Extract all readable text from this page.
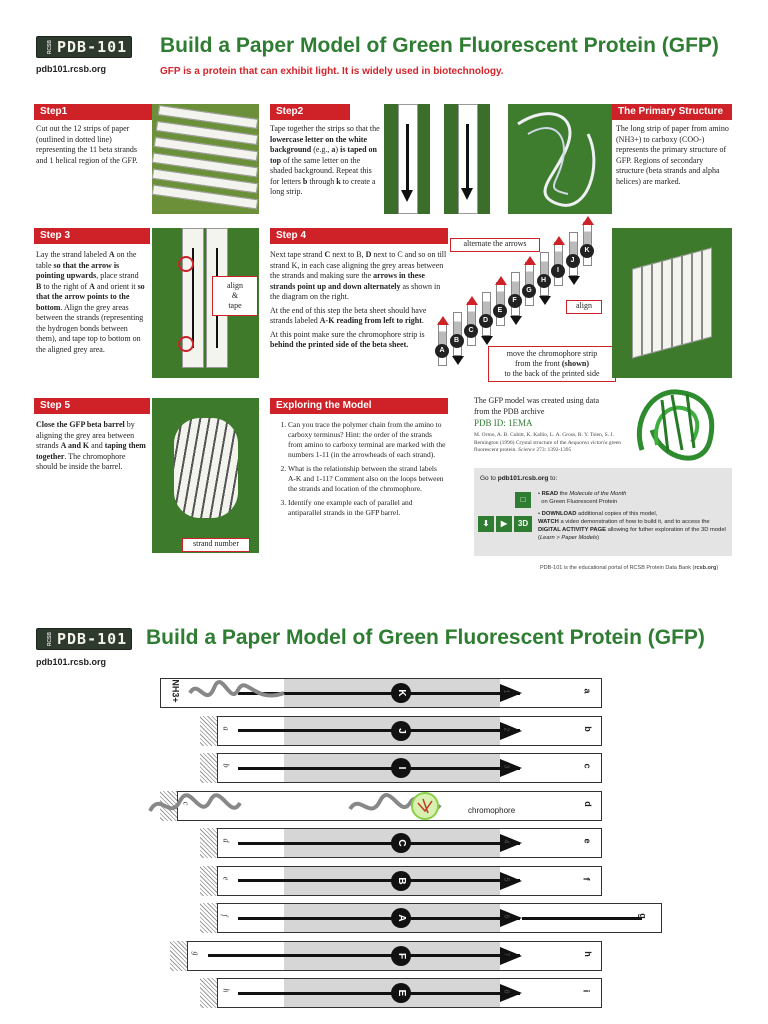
RCSB PDB-101 Build a Paper Model of Green Fluorescent Protein (GFP)
pdb101.rcsb.org	GFP is a protein that can exhibit light. It is widely used in biotechnology.
Step1
Cut out the 12 strips of paper (outlined in dotted line) representing the 11 beta strands and 1 helical region of the GFP.
Step2
Tape together the strips so that the lowercase letter on the white background (e.g., a) is taped on top of the same letter on the shaded background. Repeat this for letters b through k to create a long strip.
The Primary Structure
The long strip of paper from amino (NH3+) to carboxy (COO-) represents the primary structure of GFP. Regions of secondary structure (beta strands and alpha helices) are marked.
Step 3
Lay the strand labeled A on the table so that the arrow is pointing upwards, place strand B to the right of A and orient it so that the arrow points to the bottom. Align the grey areas between the strands (representing the hydrogen bonds between them), and tape top to bottom on the aligned grey area.
align
&
tape
Step 4

Next tape strand C next to B, D next to C and so on till strand K, in each case aligning the grey areas between the strands and making sure the arrows in these strands point up and down alternately as shown in the diagram on the right.

At the end of this step the beta sheet should have strands labeled A-K reading from left to right.

At this point make sure the chromophore strip is behind the printed side of the beta sheet.

alternate the arrows
A
B
C
D
E
F
G
H
I
J
K
align
move the chromophore strip
from the front (shown)
to the back of the printed side
Step 5
Close the GFP beta barrel by aligning the grey area between strands A and K and taping them together. The chromophore should be inside the barrel.
strand number
Exploring the Model
1. Can you trace the polymer chain from the amino to carboxy terminus? Hint: the order of the strands from amino to carboxy terminal are marked with the numbers 1-11 (in the arrowheads of each strand).
2. What is the relationship between the strand labels A-K and 1-11? Comment also on the loops between the strands and location of the chromophore.
3. Identify one example each of parallel and antiparallel strands in the GFP barrel.
The GFP model was created using data from the PDB archive
PDB ID: 1EMA
M. Ormo, A. B. Cubitt, K. Kallio, L. A. Gross, R. Y. Tsien, S. J. Remington (1996) Crystal structure of the Aequorea victoria green fluorescent protein. Science 273: 1392-1395
Go to pdb101.rcsb.org to:
□
⬇	▶	3D
• READ the Molecule of the Month
on Green Fluorescent Protein
• DOWNLOAD additional copies of this model,
WATCH a video demonstration of how to build it, and to access the DIGITAL ACTIVITY PAGE allowing for futher exploration of the 3D model (Learn > Paper Models)
PDB-101 is the educational portal of RCSB Protein Data Bank (rcsb.org)
RCSB PDB-101 Build a Paper Model of Green Fluorescent Protein (GFP)
pdb101.rcsb.org
K	1	a
a	J	2	b
b
I	3	c
c
chromophore
d
d	C	4	e
e	B	5	f
f	A	6	g
g	F	7	h
h	E	8	i
NH3+
